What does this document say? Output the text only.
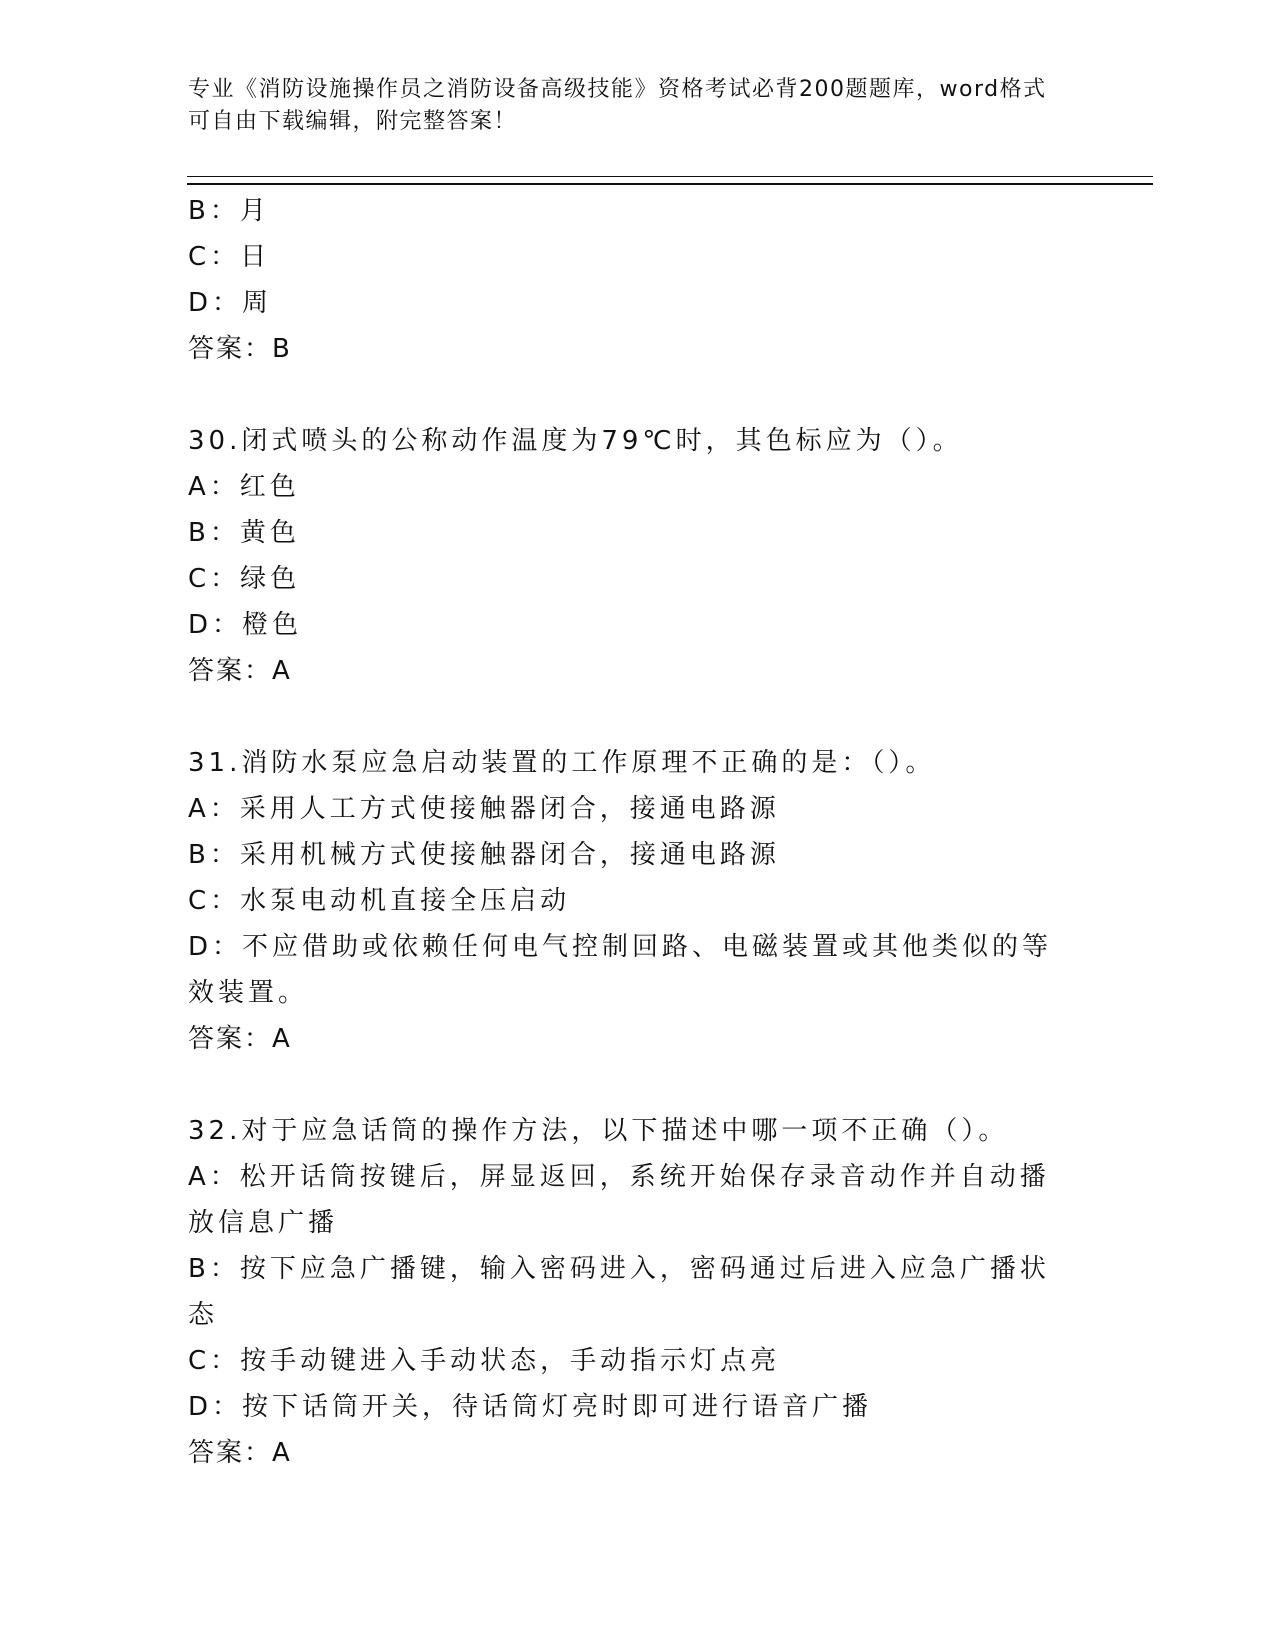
专业《消防设施操作员之消防设备高级技能》资格考试必背200题题库，word格式可自由下载编辑，附完整答案！
B：月
C：日
D：周
答案：B
30.闭式喷头的公称动作温度为79℃时，其色标应为（）。
A：红色
B：黄色
C：绿色
D：橙色
答案：A
31.消防水泵应急启动装置的工作原理不正确的是：（）。
A：采用人工方式使接触器闭合，接通电路源
B：采用机械方式使接触器闭合，接通电路源
C：水泵电动机直接全压启动
D：不应借助或依赖任何电气控制回路、电磁装置或其他类似的等效装置。
答案：A
32.对于应急话筒的操作方法，以下描述中哪一项不正确（）。
A：松开话筒按键后，屏显返回，系统开始保存录音动作并自动播放信息广播
B：按下应急广播键，输入密码进入，密码通过后进入应急广播状态
C：按手动键进入手动状态，手动指示灯点亮
D：按下话筒开关，待话筒灯亮时即可进行语音广播
答案：A
